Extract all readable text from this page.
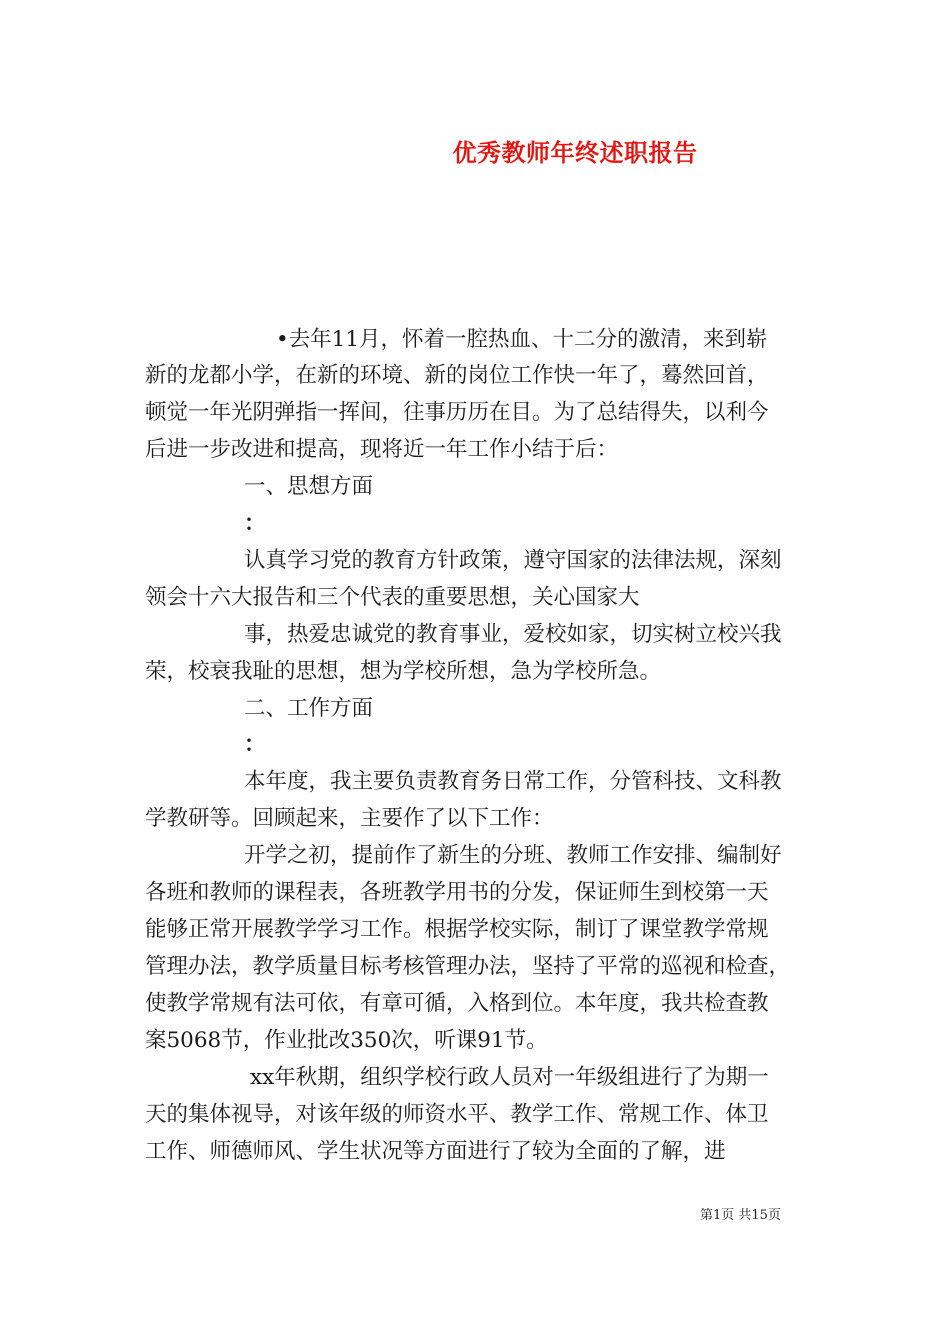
优秀教师年终述职报告
•去年11月，怀着一腔热血、十二分的激清，来到崭
新的龙都小学，在新的环境、新的岗位工作快一年了，蓦然回首，
顿觉一年光阴弹指一挥间，往事历历在目。为了总结得失，以利今
后进一步改进和提高，现将近一年工作小结于后：
一、思想方面
：
认真学习党的教育方针政策，遵守国家的法律法规，深刻
领会十六大报告和三个代表的重要思想，关心国家大
事，热爱忠诚党的教育事业，爱校如家，切实树立校兴我
荣，校衰我耻的思想，想为学校所想，急为学校所急。
二、工作方面
：
本年度，我主要负责教育务日常工作，分管科技、文科教
学教研等。回顾起来，主要作了以下工作：
开学之初，提前作了新生的分班、教师工作安排、编制好
各班和教师的课程表，各班教学用书的分发，保证师生到校第一天
能够正常开展教学学习工作。根据学校实际，制订了课堂教学常规
管理办法，教学质量目标考核管理办法，坚持了平常的巡视和检查，
使教学常规有法可依，有章可循，入格到位。本年度，我共检查教
案5068节，作业批改350次，听课91节。
xx年秋期，组织学校行政人员对一年级组进行了为期一
天的集体视导，对该年级的师资水平、教学工作、常规工作、体卫
工作、师德师风、学生状况等方面进行了较为全面的了解，进
第1页 共15页
